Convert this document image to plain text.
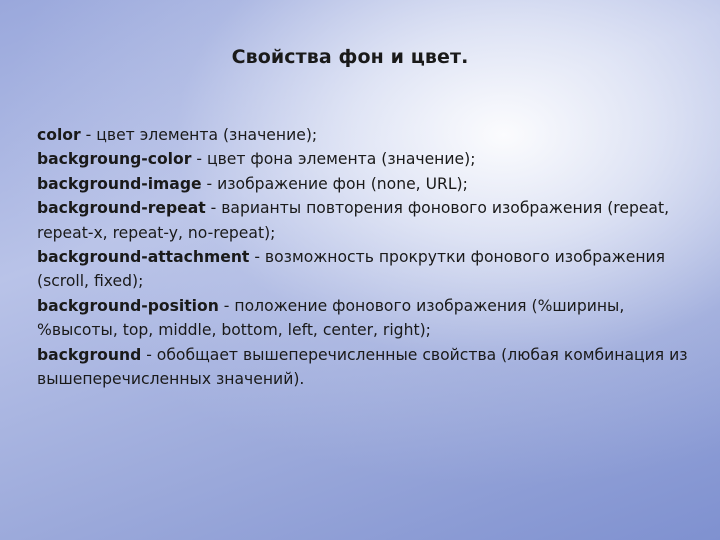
Свойства фон и цвет.

color - цвет элемента (значение);

backgroung-color - цвет фона элемента (значение);

background-image - изображение фон (none, URL);

background-repeat - варианты повторения фонового изображения (repeat, repeat-x, repeat-y, no-repeat);

background-attachment - возможность прокрутки фонового изображения (scroll, fixed);

background-position - положение фонового изображения (%ширины, %высоты, top, middle, bottom, left, center, right);

background - обобщает вышеперечисленные свойства (любая комбинация из вышеперечисленных значений).
